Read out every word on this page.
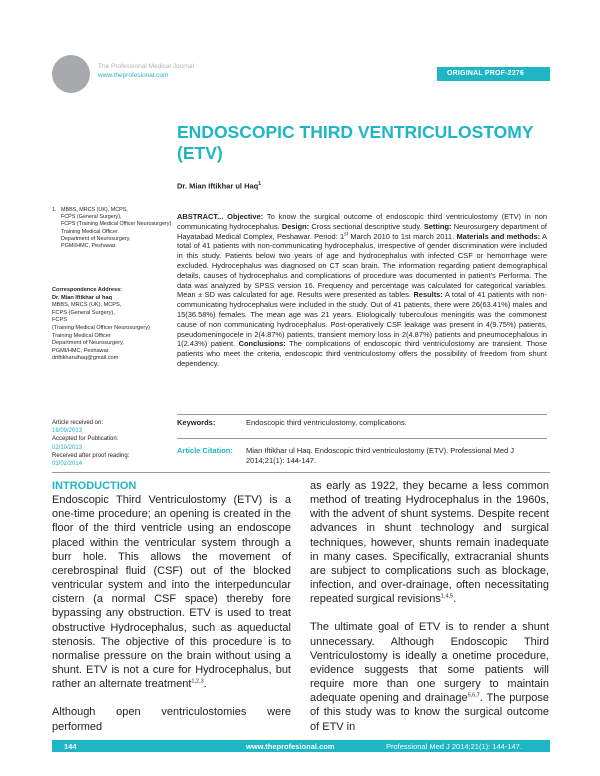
The Professional Medical Journal
www.theprofesional.com	ORIGINAL PROF-2276
ENDOSCOPIC THIRD VENTRICULOSTOMY
(ETV)
Dr. Mian Iftikhar ul Haq$^1$
1. MBBS, MRCS (UK), MCPS,
FCPS (General Surgery),
FCPS (Training Medical Officer Neurosurgery)
Training Medical Officer
Department of Neurosurgery,
PGMI/HMC, Peshawar.
Correspondence Address:
Dr. Mian Iftikhar ul haq
MBBS, MRCS (UK), MCPS,
FCPS (General Surgery),
FCPS
(Training Medical Officer Neurosurgery)
Training Medical Officer
Department of Neurosurgery,
PGMI/HMC, Peshawar.
driftikharulhaq@gmail.com
ABSTRACT... Objective: To know the surgical outcome of endoscopic third ventriculostomy (ETV) in non communicating hydrocephalus. Design: Cross sectional descriptive study. Setting: Neurosurgery department of Hayatabad Medical Complex, Peshawar. Period: 1st March 2010 to 1st march 2011. Materials and methods: A total of 41 patients with non-communicating hydrocephalus, irrespective of gender discrimination were included in this study. Patients below two years of age and hydrocephalus with infected CSF or hemorrhage were excluded. Hydrocephalus was diagnosed on CT scan brain. The information regarding patient demographical details, causes of hydrocephalus and complications of procedure was documented in patient’s Performa. The data was analyzed by SPSS version 16. Frequency and percentage was calculated for categorical variables. Mean ± SD was calculated for age. Results were presented as tables. Results: A total of 41 patients with non-communicating hydrocephalus were included in the study. Out of 41 patients, there were 26(63.41%) males and 15(36.58%) females. The mean age was 21 years. Etiologically tuberculous meningitis was the commonest cause of non communicating hydrocephalus. Post-operatively CSF leakage was present in 4(9.75%) patients, pseudomeningocele in 2(4.87%) patients, transient memory loss in 2(4.87%) patients and pneumocephalous in 1(2.43%) patient. Conclusions: The complications of endoscopic third ventriculostomy are transient. Those patients who meet the criteria, endoscopic third ventriculostomy offers the possibility of freedom from shunt dependency.
Keywords:	Endoscopic third ventriculostomy, complications.
Article Citation: Mian Iftikhar ul Haq. Endoscopic third ventriculostomy (ETV). Professional Med J 2014;21(1): 144-147.
Article received on:
16/09/2013
Accepted for Publication:
02/10/2013
Received after proof reading:
03/02/2014

INTRODUCTION

Endoscopic Third Ventriculostomy (ETV) is a one-time procedure; an opening is created in the floor of the third ventricle using an endoscope placed within the ventricular system through a burr hole. This allows the movement of cerebrospinal fluid (CSF) out of the blocked ventricular system and into the interpeduncular cistern (a normal CSF space) thereby fore bypassing any obstruction. ETV is used to treat obstructive Hydrocephalus, such as aqueductal stenosis. The objective of this procedure is to normalise pressure on the brain without using a shunt. ETV is not a cure for Hydrocephalus, but rather an alternate treatment$^{1,2,3}$.

Although open ventriculostomies were performed

as early as 1922, they became a less common method of treating Hydrocephalus in the 1960s, with the advent of shunt systems. Despite recent advances in shunt technology and surgical techniques, however, shunts remain inadequate in many cases. Specifically, extracranial shunts are subject to complications such as blockage, infection, and over-drainage, often necessitating repeated surgical revisions$^{1,4,5}$.

The ultimate goal of ETV is to render a shunt unnecessary. Although Endoscopic Third Ventriculostomy is ideally a onetime procedure, evidence suggests that some patients will require more than one surgery to maintain adequate opening and drainage$^{5,6,7}$. The purpose of this study was to know the surgical outcome of ETV in

144	www.theprofesional.com	Professional Med J 2014;21(1): 144-147.
